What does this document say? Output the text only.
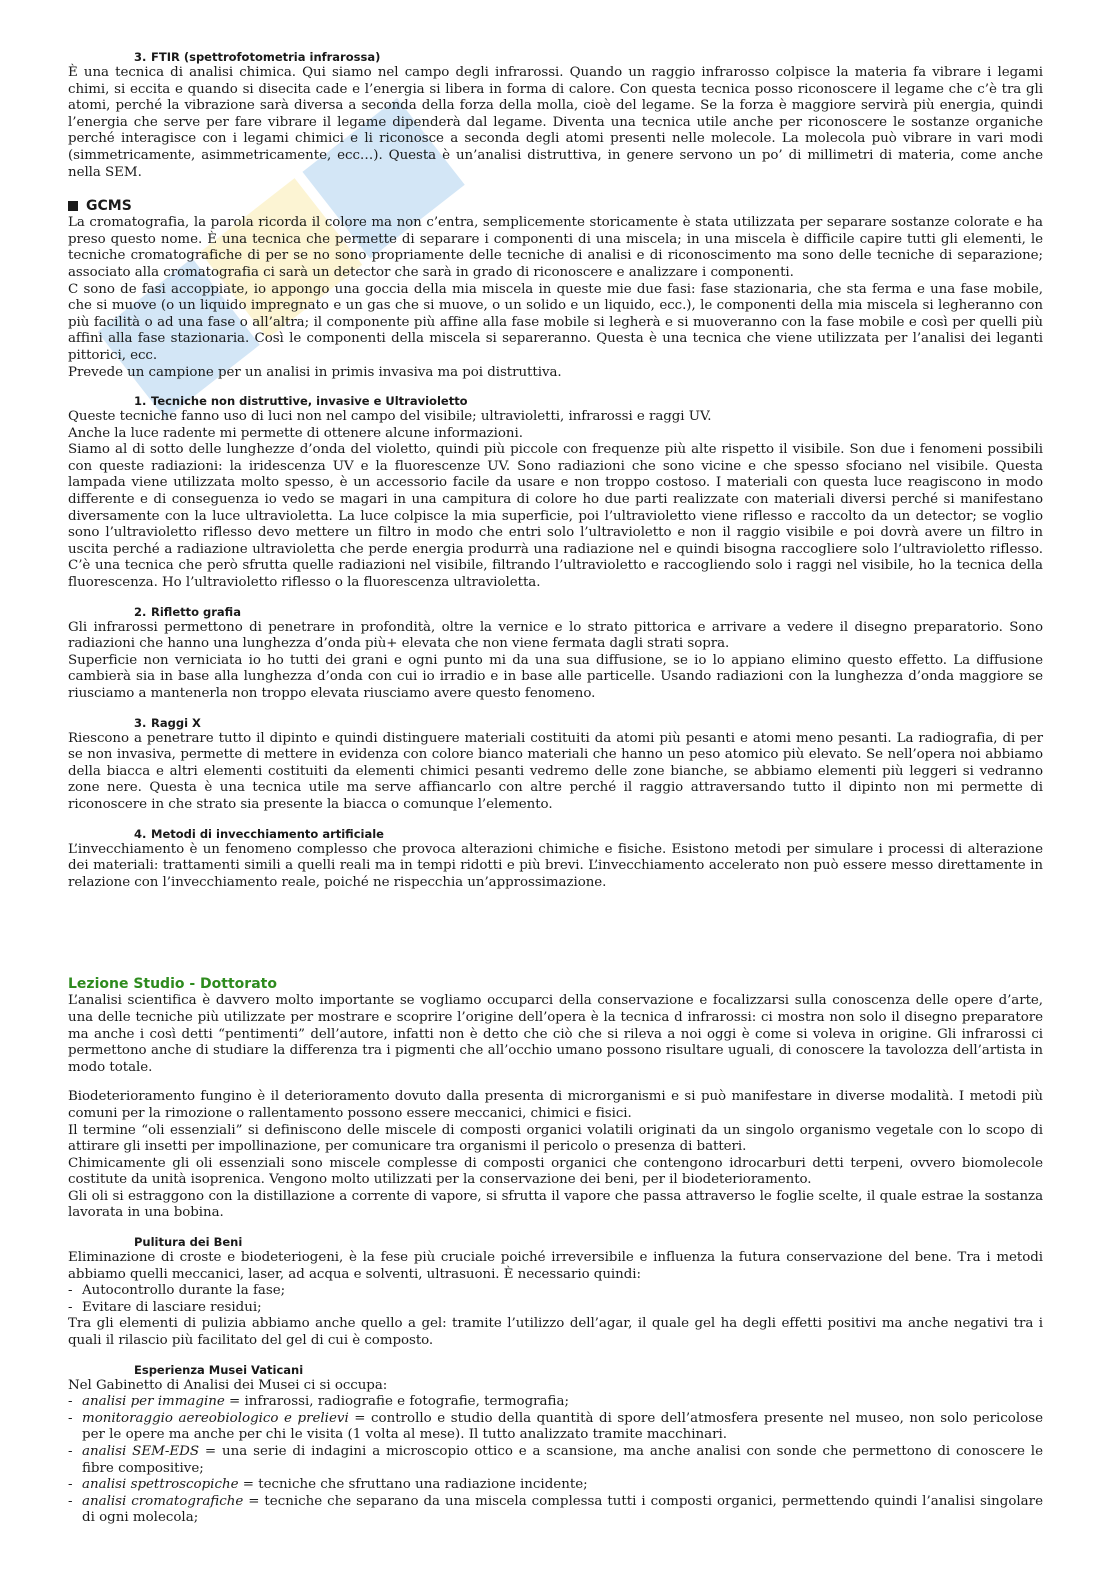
3. FTIR (spettrofotometria infrarossa)

È una tecnica di analisi chimica. Qui siamo nel campo degli infrarossi. Quando un raggio infrarosso colpisce la materia fa vibrare i legami chimi, si eccita e quando si disecita cade e l’energia si libera in forma di calore. Con questa tecnica posso riconoscere il legame che c’è tra gli atomi, perché la vibrazione sarà diversa a seconda della forza della molla, cioè del legame. Se la forza è maggiore servirà più energia, quindi l’energia che serve per fare vibrare il legame dipenderà dal legame. Diventa una tecnica utile anche per riconoscere le sostanze organiche perché interagisce con i legami chimici e li riconosce a seconda degli atomi presenti nelle molecole. La molecola può vibrare in vari modi (simmetricamente, asimmetricamente, ecc…). Questa è un’analisi distruttiva, in genere servono un po’ di millimetri di materia, come anche nella SEM.

GCMS

La cromatografia, la parola ricorda il colore ma non c’entra, semplicemente storicamente è stata utilizzata per separare sostanze colorate e ha preso questo nome. È una tecnica che permette di separare i componenti di una miscela; in una miscela è difficile capire tutti gli elementi, le tecniche cromatografiche di per se no sono propriamente delle tecniche di analisi e di riconoscimento ma sono delle tecniche di separazione; associato alla cromatografia ci sarà un detector che sarà in grado di riconoscere e analizzare i componenti.

C sono de fasi accoppiate, io appongo una goccia della mia miscela in queste mie due fasi: fase stazionaria, che sta ferma e una fase mobile, che si muove (o un liquido impregnato e un gas che si muove, o un solido e un liquido, ecc.), le componenti della mia miscela si legheranno con più facilità o ad una fase o all’altra; il componente più affine alla fase mobile si legherà e si muoveranno con la fase mobile e così per quelli più affini alla fase stazionaria. Così le componenti della miscela si separeranno. Questa è una tecnica che viene utilizzata per l’analisi dei leganti pittorici, ecc.

Prevede un campione per un analisi in primis invasiva ma poi distruttiva.

1. Tecniche non distruttive, invasive e Ultravioletto

Queste tecniche fanno uso di luci non nel campo del visibile; ultravioletti, infrarossi e raggi UV.

Anche la luce radente mi permette di ottenere alcune informazioni.

Siamo al di sotto delle lunghezze d’onda del violetto, quindi più piccole con frequenze più alte rispetto il visibile. Son due i fenomeni possibili con queste radiazioni: la iridescenza UV e la fluorescenze UV. Sono radiazioni che sono vicine e che spesso sfociano nel visibile. Questa lampada viene utilizzata molto spesso, è un accessorio facile da usare e non troppo costoso. I materiali con questa luce reagiscono in modo differente e di conseguenza io vedo se magari in una campitura di colore ho due parti realizzate con materiali diversi perché si manifestano diversamente con la luce ultravioletta. La luce colpisce la mia superficie, poi l’ultravioletto viene riflesso e raccolto da un detector; se voglio sono l’ultravioletto riflesso devo mettere un filtro in modo che entri solo l’ultravioletto e non il raggio visibile e poi dovrà avere un filtro in uscita perché a radiazione ultravioletta che perde energia produrrà una radiazione nel e quindi bisogna raccogliere solo l’ultravioletto riflesso. C’è una tecnica che però sfrutta quelle radiazioni nel visibile, filtrando l’ultravioletto e raccogliendo solo i raggi nel visibile, ho la tecnica della fluorescenza. Ho l’ultravioletto riflesso o la fluorescenza ultravioletta.

2. Rifletto grafia

Gli infrarossi permettono di penetrare in profondità, oltre la vernice e lo strato pittorica e arrivare a vedere il disegno preparatorio. Sono radiazioni che hanno una lunghezza d’onda più+ elevata che non viene fermata dagli strati sopra.

Superficie non verniciata io ho tutti dei grani e ogni punto mi da una sua diffusione, se io lo appiano elimino questo effetto. La diffusione cambierà sia in base alla lunghezza d’onda con cui io irradio e in base alle particelle. Usando radiazioni con la lunghezza d’onda maggiore se riusciamo a mantenerla non troppo elevata riusciamo avere questo fenomeno.

3. Raggi X

Riescono a penetrare tutto il dipinto e quindi distinguere materiali costituiti da atomi più pesanti e atomi meno pesanti. La radiografia, di per se non invasiva, permette di mettere in evidenza con colore bianco materiali che hanno un peso atomico più elevato. Se nell’opera noi abbiamo della biacca e altri elementi costituiti da elementi chimici pesanti vedremo delle zone bianche, se abbiamo elementi più leggeri si vedranno zone nere. Questa è una tecnica utile ma serve affiancarlo con altre perché il raggio attraversando tutto il dipinto non mi permette di riconoscere in che strato sia presente la biacca o comunque l’elemento.

4. Metodi di invecchiamento artificiale

L’invecchiamento è un fenomeno complesso che provoca alterazioni chimiche e fisiche. Esistono metodi per simulare i processi di alterazione dei materiali: trattamenti simili a quelli reali ma in tempi ridotti e più brevi. L’invecchiamento accelerato non può essere messo direttamente in relazione con l’invecchiamento reale, poiché ne rispecchia un’approssimazione.

Lezione Studio - Dottorato

L’analisi scientifica è davvero molto importante se vogliamo occuparci della conservazione e focalizzarsi sulla conoscenza delle opere d’arte, una delle tecniche più utilizzate per mostrare e scoprire l’origine dell’opera è la tecnica d infrarossi: ci mostra non solo il disegno preparatore ma anche i così detti “pentimenti” dell’autore, infatti non è detto che ciò che si rileva a noi oggi è come si voleva in origine. Gli infrarossi ci permettono anche di studiare la differenza tra i pigmenti che all’occhio umano possono risultare uguali, di conoscere la tavolozza dell’artista in modo totale.

Biodeterioramento fungino è il deterioramento dovuto dalla presenta di microrganismi e si può manifestare in diverse modalità. I metodi più comuni per la rimozione o rallentamento possono essere meccanici, chimici e fisici.

Il termine “oli essenziali” si definiscono delle miscele di composti organici volatili originati da un singolo organismo vegetale con lo scopo di attirare gli insetti per impollinazione, per comunicare tra organismi il pericolo o presenza di batteri.

Chimicamente gli oli essenziali sono miscele complesse di composti organici che contengono idrocarburi detti terpeni, ovvero biomolecole costitute da unità isoprenica. Vengono molto utilizzati per la conservazione dei beni, per il biodeterioramento.

Gli oli si estraggono con la distillazione a corrente di vapore, si sfrutta il vapore che passa attraverso le foglie scelte, il quale estrae la sostanza lavorata in una bobina.

Pulitura dei Beni

Eliminazione di croste e biodeteriogeni, è la fese più cruciale poiché irreversibile e influenza la futura conservazione del bene. Tra i metodi abbiamo quelli meccanici, laser, ad acqua e solventi, ultrasuoni. È necessario quindi:

- Autocontrollo durante la fase;
- Evitare di lasciare residui;

Tra gli elementi di pulizia abbiamo anche quello a gel: tramite l’utilizzo dell’agar, il quale gel ha degli effetti positivi ma anche negativi tra i quali il rilascio più facilitato del gel di cui è composto.

Esperienza Musei Vaticani

Nel Gabinetto di Analisi dei Musei ci si occupa:

- analisi per immagine = infrarossi, radiografie e fotografie, termografia;
- monitoraggio aereobiologico e prelievi = controllo e studio della quantità di spore dell’atmosfera presente nel museo, non solo pericolose per le opere ma anche per chi le visita (1 volta al mese). Il tutto analizzato tramite macchinari.
- analisi SEM-EDS = una serie di indagini a microscopio ottico e a scansione, ma anche analisi con sonde che permettono di conoscere le fibre compositive;
- analisi spettroscopiche = tecniche che sfruttano una radiazione incidente;
- analisi cromatografiche = tecniche che separano da una miscela complessa tutti i composti organici, permettendo quindi l’analisi singolare di ogni molecola;
